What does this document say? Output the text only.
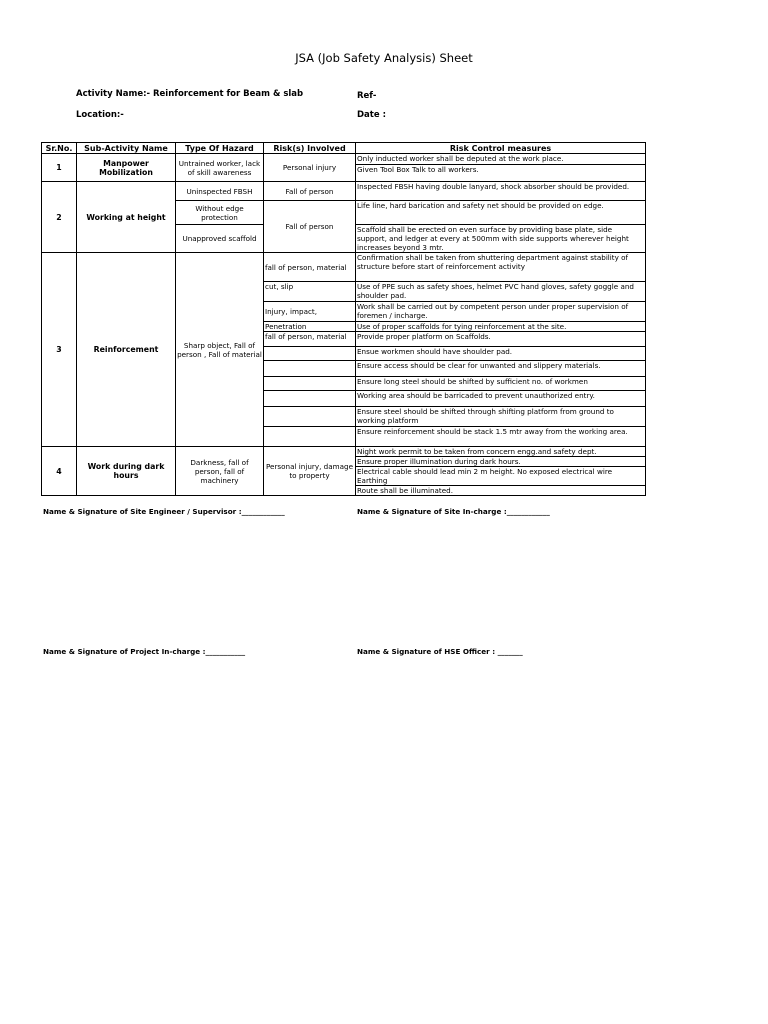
JSA (Job Safety Analysis) Sheet
Activity Name:- Reinforcement for Beam & slab	Ref-
Location:-	Date :
Sr.No.	Sub-Activity Name	Type Of Hazard	Risk(s) Involved	Risk Control measures
1	Manpower Mobilization	Untrained worker, lack of skill awareness	Personal injury	Only inducted worker shall be deputed at the work place.
				Given Tool Box Talk to all workers.
2	Working at height	Uninspected FBSH	Fall of person	Inspected FBSH having double lanyard, shock absorber should be provided.
		Without edge protection	Fall of person	Life line, hard barication and safety net should be provided on edge.
		Unapproved scaffold		Scaffold shall be erected on even surface by providing base plate, side support, and ledger at every at 500mm with side supports wherever height increases beyond 3 mtr.
3	Reinforcement	Sharp object, Fall of person , Fall of material	fall of person, material	Confirmation shall be taken from shuttering department against stability of structure before start of reinforcement activity
			cut, slip	Use of PPE such as safety shoes, helmet PVC hand gloves, safety goggle and shoulder pad.
			Injury, impact,	Work shall be carried out by competent person under proper supervision of foremen / incharge.
			Penetration	Use of proper scaffolds for tying reinforcement at the site.
			fall of person, material	Provide proper platform on Scaffolds.
				Ensue workmen should have shoulder pad.
				Ensure access should be clear for unwanted and slippery materials.
				Ensure long steel should be shifted by sufficient no. of workmen
				Working area should be barricaded to prevent unauthorized entry.
				Ensure steel should be shifted through shifting platform from ground to working platform
				Ensure reinforcement should be stack 1.5 mtr away from the working area.
4	Work during dark hours	Darkness, fall of person, fall of machinery	Personal injury, damage to property	Night work permit to be taken from concern engg.and safety dept.
				Ensure proper illumination during dark hours.
				Electrical cable should lead min 2 m height. No exposed electrical wire Earthing
				Route shall be illuminated.
Name & Signature of Site Engineer / Supervisor :____________	Name & Signature of Site In-charge :____________
Name & Signature of Project In-charge :___________	Name & Signature of HSE Officer : _______
